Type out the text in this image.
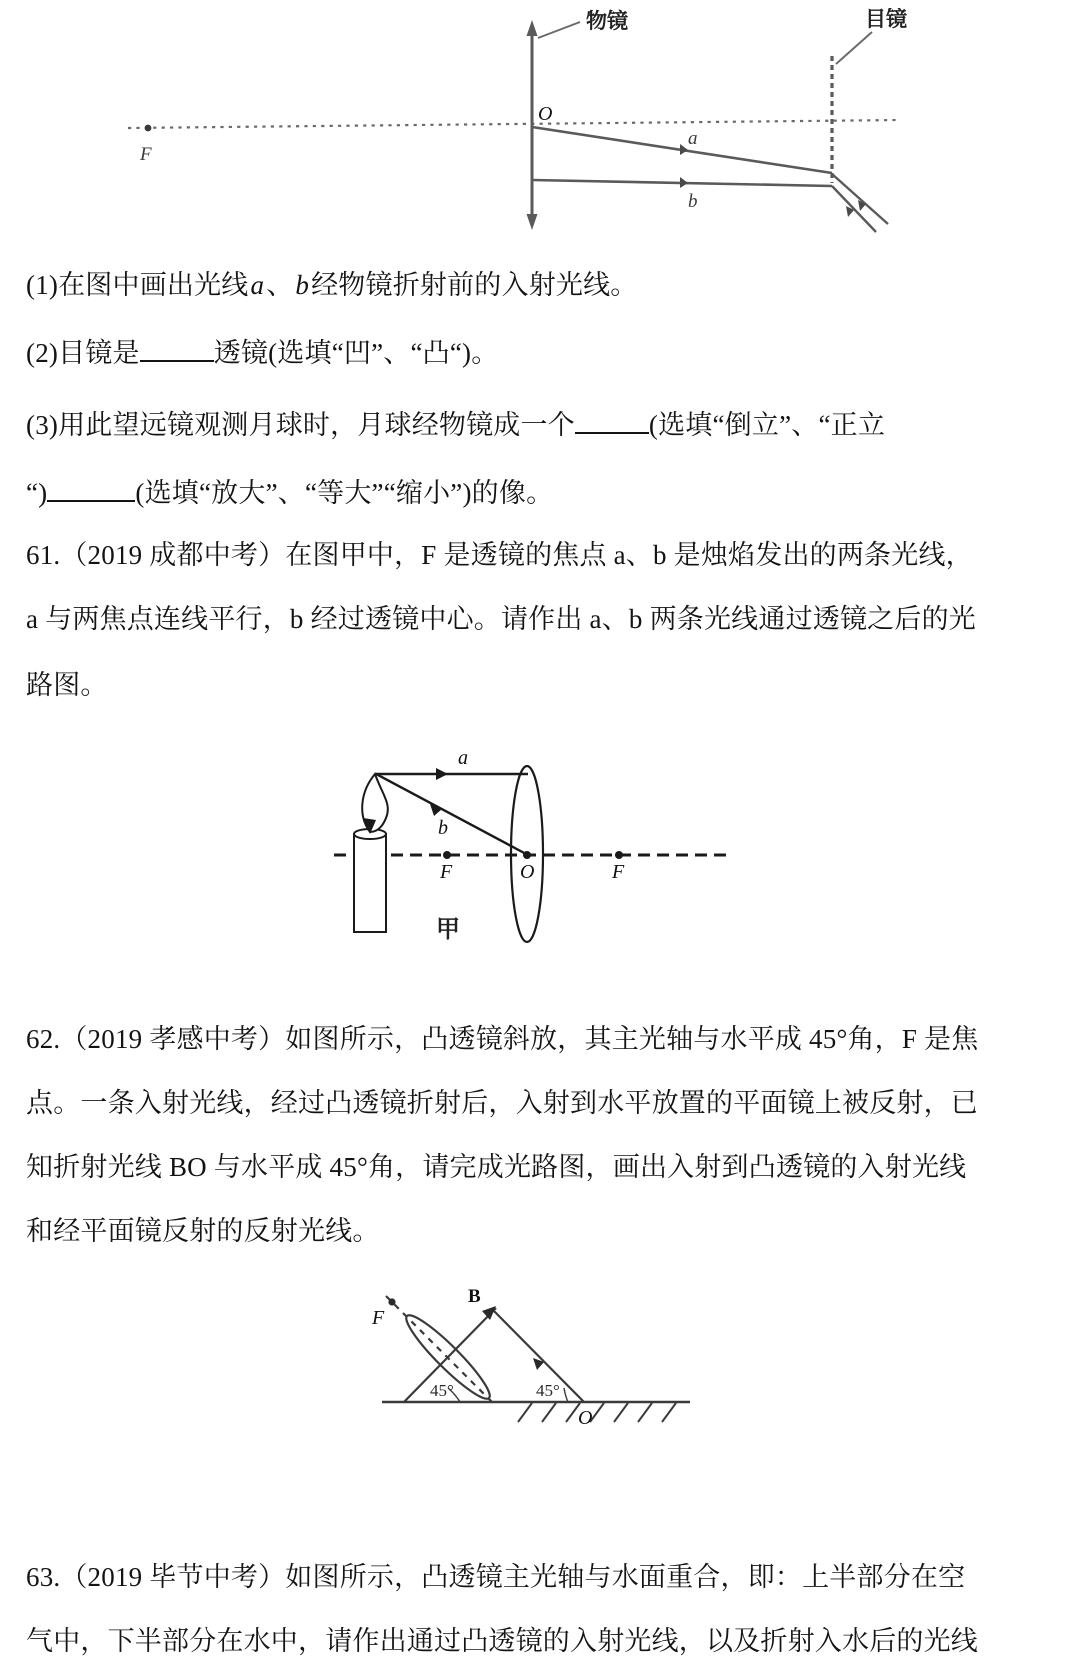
F
物镜
O
目镜
a
b
(1)在图中画出光线a、b经物镜折射前的入射光线。
(2)目镜是	透镜(选填“凹”、“凸“)。
(3)用此望远镜观测月球时，月球经物镜成一个	(选填“倒立”、“正立
“)	(选填“放大”、“等大”“缩小”)的像。
61.（2019 成都中考）在图甲中，F 是透镜的焦点 a、b 是烛焰发出的两条光线，
a 与两焦点连线平行，b 经过透镜中心。请作出 a、b 两条光线通过透镜之后的光
路图。
a
b
F	O	F
甲
62.（2019 孝感中考）如图所示，凸透镜斜放，其主光轴与水平成 45°角，F 是焦
点。一条入射光线，经过凸透镜折射后，入射到水平放置的平面镜上被反射，已
知折射光线 BO 与水平成 45°角，请完成光路图，画出入射到凸透镜的入射光线
和经平面镜反射的反射光线。
F
B
O
45°	45°
63.（2019 毕节中考）如图所示，凸透镜主光轴与水面重合，即：上半部分在空
气中，下半部分在水中，请作出通过凸透镜的入射光线，以及折射入水后的光线
